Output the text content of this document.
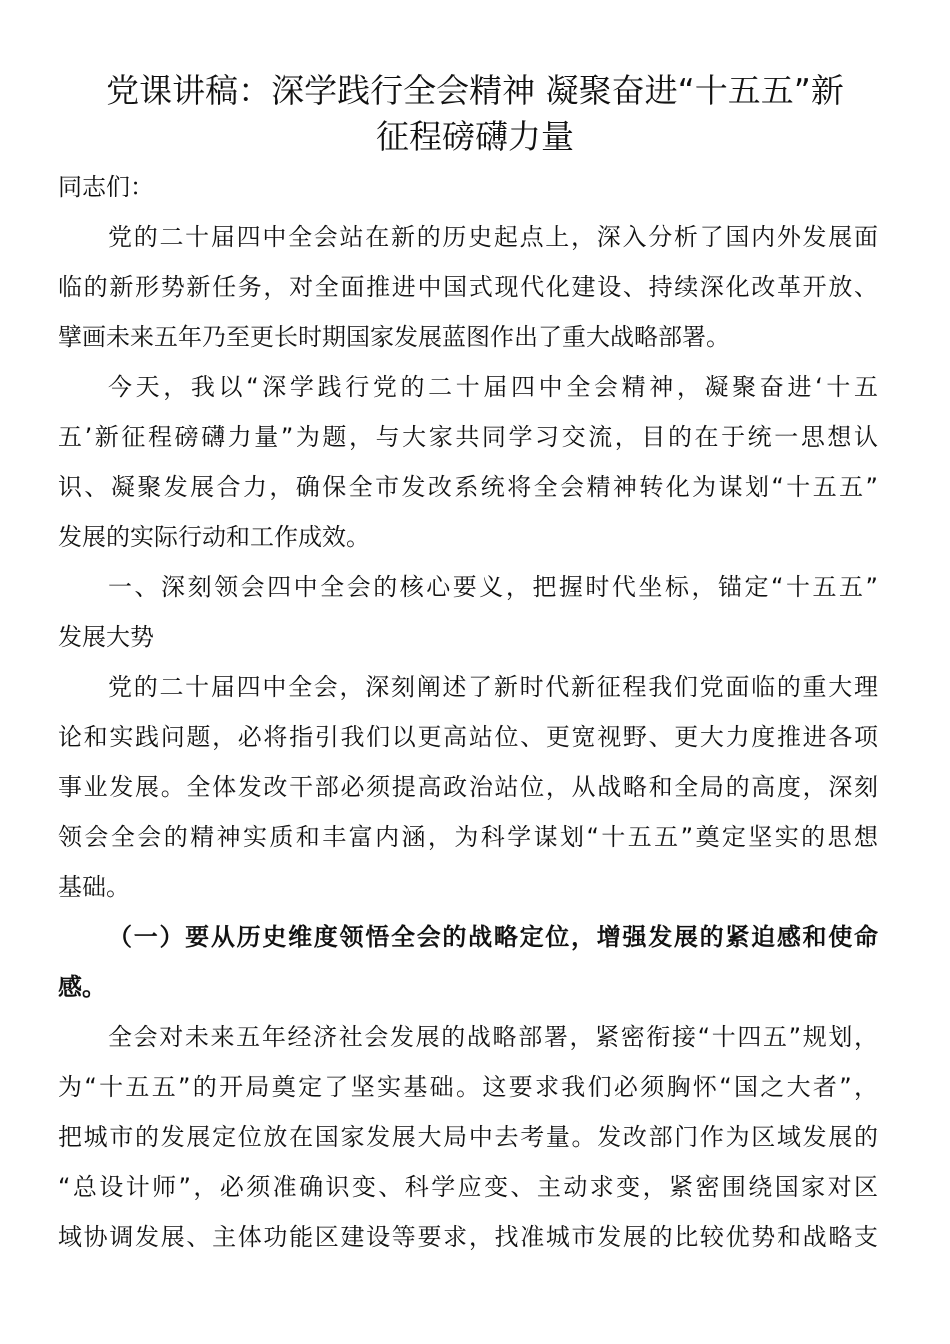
党课讲稿：深学践行全会精神 凝聚奋进“十五五”新
征程磅礴力量
同志们：
党的二十届四中全会站在新的历史起点上，深入分析了国内外发展面
临的新形势新任务，对全面推进中国式现代化建设、持续深化改革开放、
擘画未来五年乃至更长时期国家发展蓝图作出了重大战略部署。
今天，我以“深学践行党的二十届四中全会精神，凝聚奋进‘十五
五’新征程磅礴力量”为题，与大家共同学习交流，目的在于统一思想认
识、凝聚发展合力，确保全市发改系统将全会精神转化为谋划“十五五”
发展的实际行动和工作成效。
一、深刻领会四中全会的核心要义，把握时代坐标，锚定“十五五”
发展大势
党的二十届四中全会，深刻阐述了新时代新征程我们党面临的重大理
论和实践问题，必将指引我们以更高站位、更宽视野、更大力度推进各项
事业发展。全体发改干部必须提高政治站位，从战略和全局的高度，深刻
领会全会的精神实质和丰富内涵，为科学谋划“十五五”奠定坚实的思想
基础。
（一）要从历史维度领悟全会的战略定位，增强发展的紧迫感和使命
感。
全会对未来五年经济社会发展的战略部署，紧密衔接“十四五”规划，
为“十五五”的开局奠定了坚实基础。这要求我们必须胸怀“国之大者”，
把城市的发展定位放在国家发展大局中去考量。发改部门作为区域发展的
“总设计师”，必须准确识变、科学应变、主动求变，紧密围绕国家对区
域协调发展、主体功能区建设等要求，找准城市发展的比较优势和战略支
